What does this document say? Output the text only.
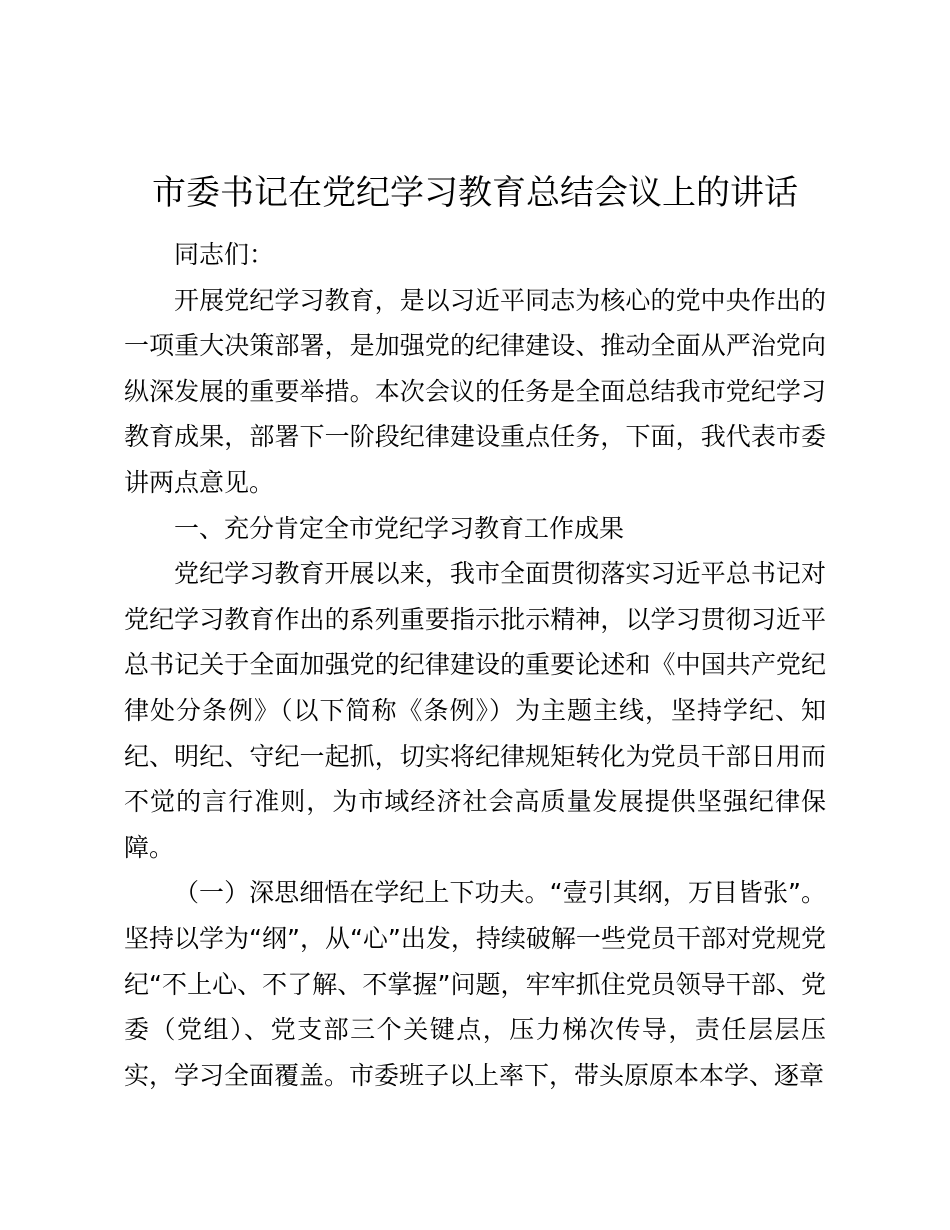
市委书记在党纪学习教育总结会议上的讲话

同志们：

开展党纪学习教育，是以习近平同志为核心的党中央作出的一项重大决策部署，是加强党的纪律建设、推动全面从严治党向纵深发展的重要举措。本次会议的任务是全面总结我市党纪学习教育成果，部署下一阶段纪律建设重点任务，下面，我代表市委讲两点意见。

一、充分肯定全市党纪学习教育工作成果

党纪学习教育开展以来，我市全面贯彻落实习近平总书记对党纪学习教育作出的系列重要指示批示精神，以学习贯彻习近平总书记关于全面加强党的纪律建设的重要论述和《中国共产党纪律处分条例》（以下简称《条例》）为主题主线，坚持学纪、知纪、明纪、守纪一起抓，切实将纪律规矩转化为党员干部日用而不觉的言行准则，为市域经济社会高质量发展提供坚强纪律保障。

（一）深思细悟在学纪上下功夫。“壹引其纲，万目皆张”。坚持以学为“纲”，从“心”出发，持续破解一些党员干部对党规党纪“不上心、不了解、不掌握”问题，牢牢抓住党员领导干部、党委（党组）、党支部三个关键点，压力梯次传导，责任层层压实，学习全面覆盖。市委班子以上率下，带头原原本本学、逐章
